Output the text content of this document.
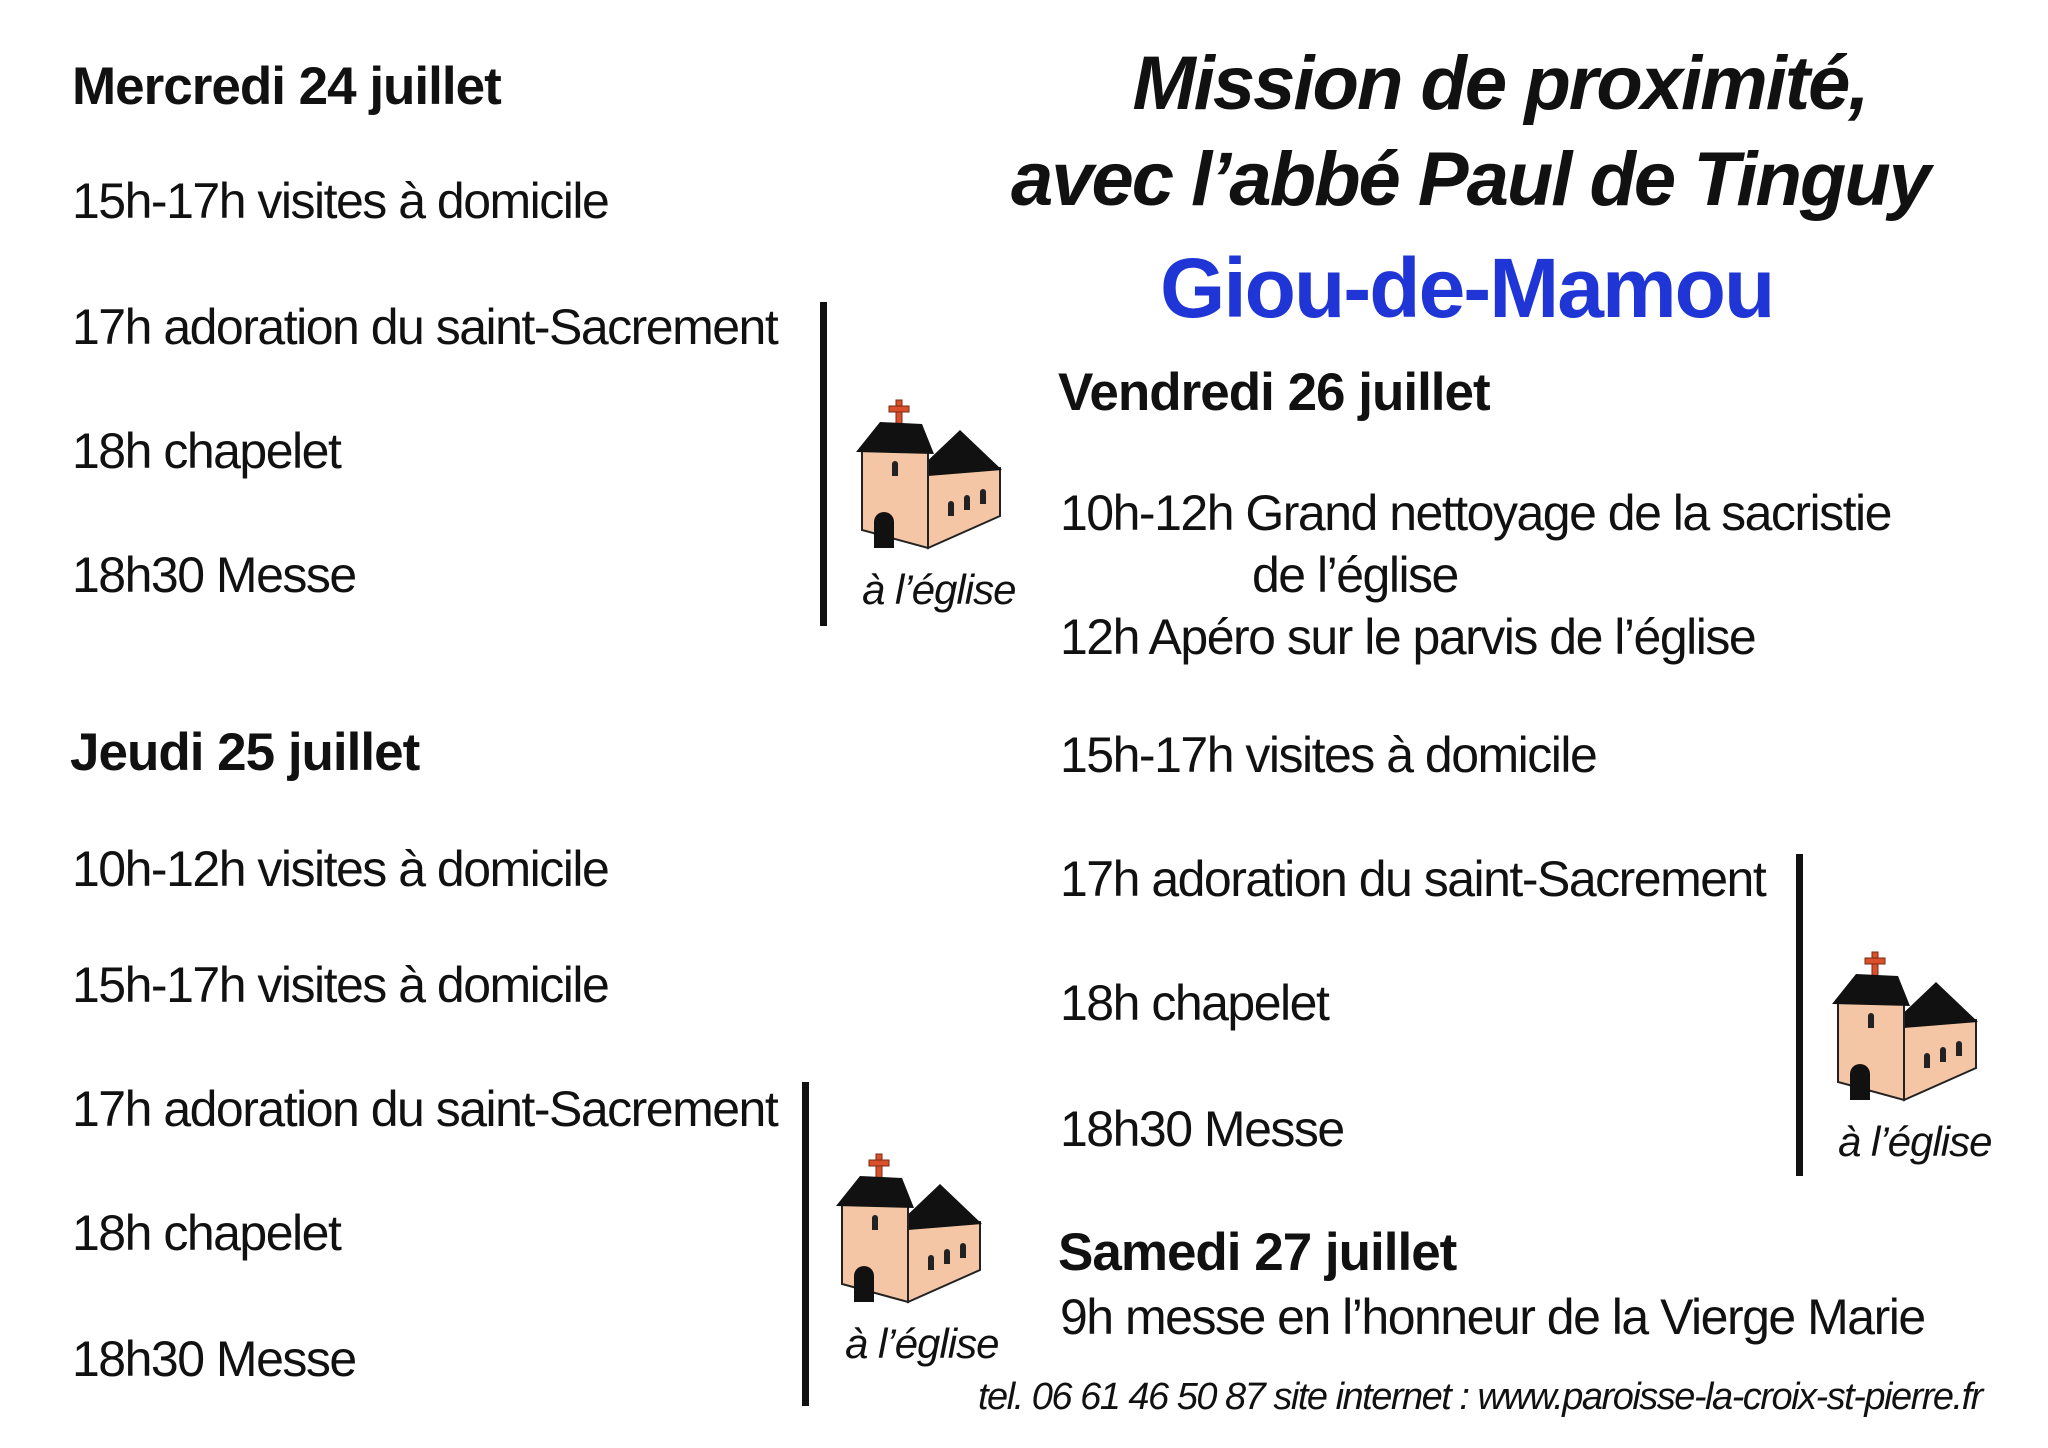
Mission de proximité,
avec l’abbé Paul de Tinguy
Giou-de-Mamou
Mercredi 24 juillet
15h-17h visites à domicile
17h adoration du saint-Sacrement
18h chapelet
18h30 Messe	à l’église
Jeudi 25 juillet
10h-12h visites à domicile
15h-17h visites à domicile
17h adoration du saint-Sacrement
18h chapelet
18h30 Messe	à l’église
Vendredi 26 juillet
10h-12h Grand nettoyage de la sacristie
de l’église
12h Apéro sur le parvis de l’église
15h-17h visites à domicile
17h adoration du saint-Sacrement
18h chapelet
18h30 Messe	à l’église
Samedi 27 juillet
9h messe en l’honneur de la Vierge Marie
tel. 06 61 46 50 87 site internet : www.paroisse-la-croix-st-pierre.fr
